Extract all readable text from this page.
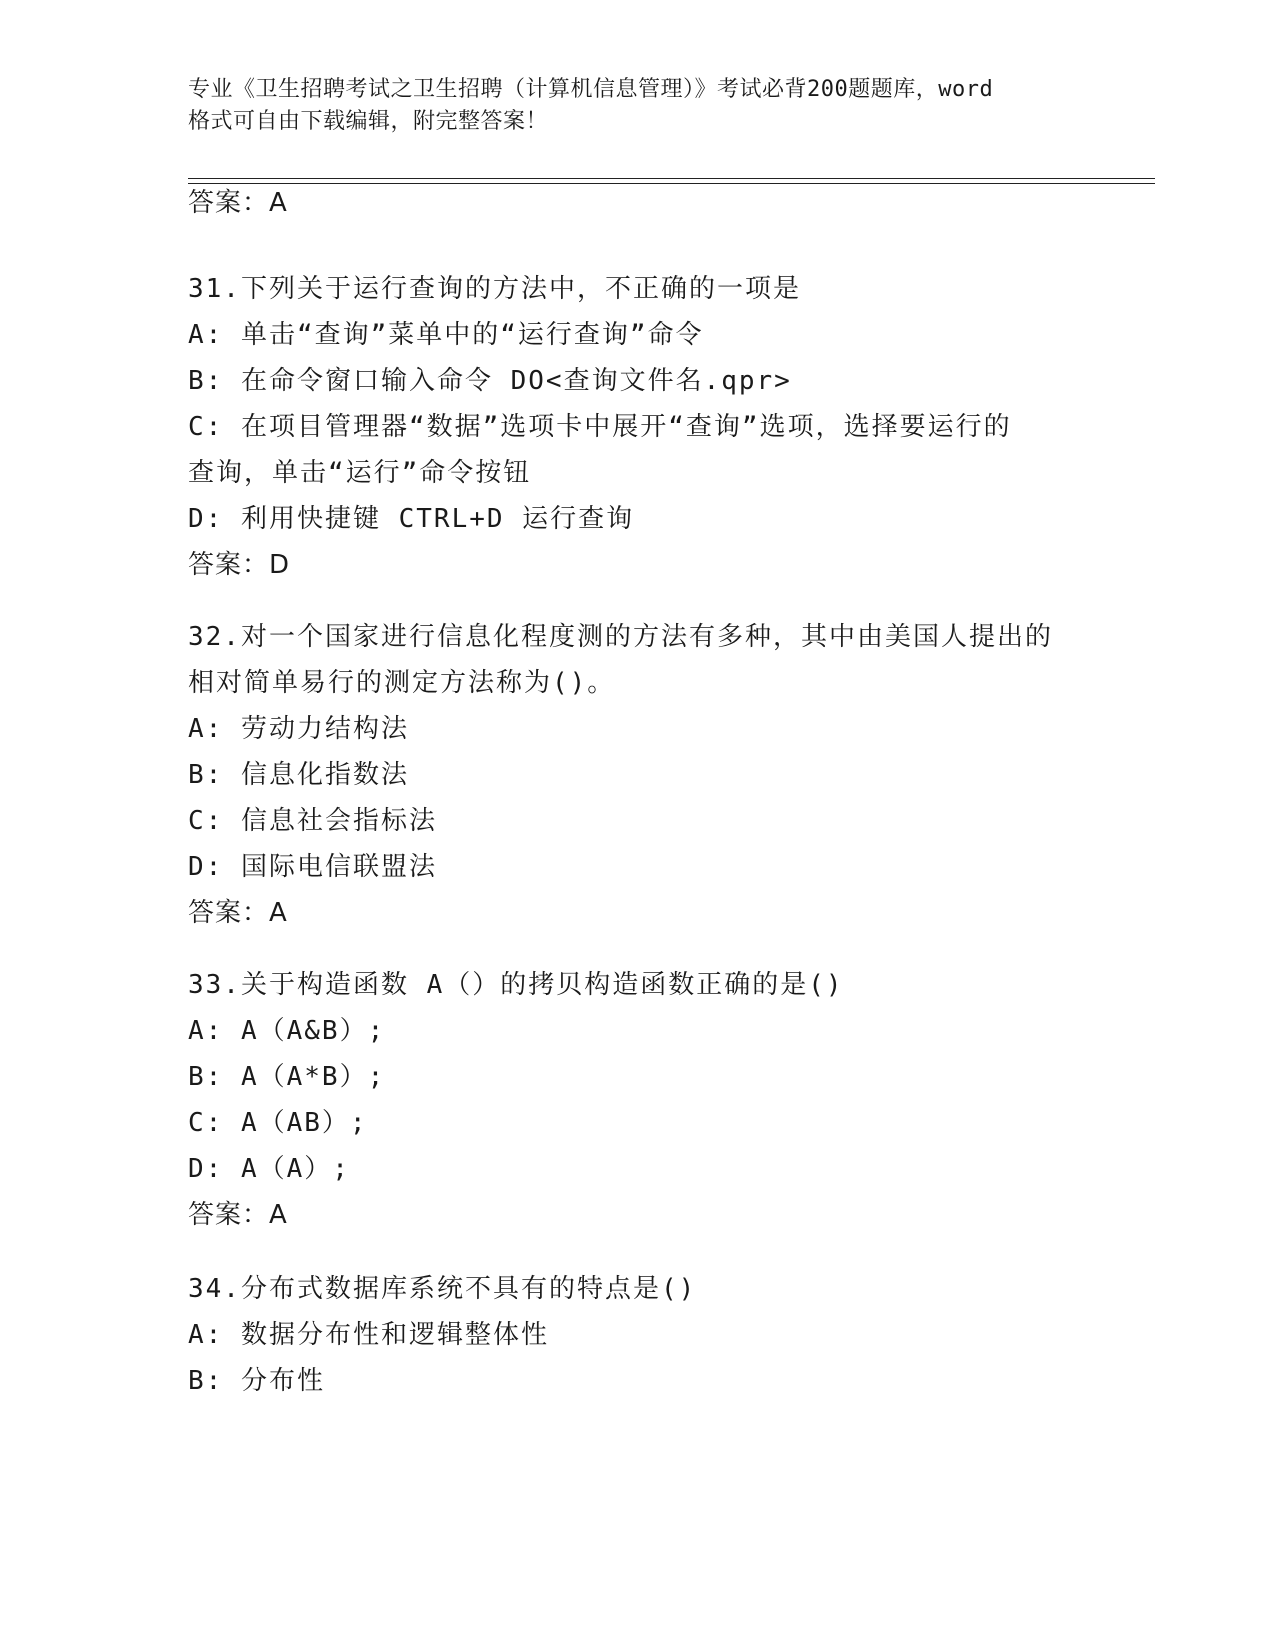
专业《卫生招聘考试之卫生招聘（计算机信息管理）》考试必背200题题库，word
格式可自由下载编辑，附完整答案！
答案：A
31.下列关于运行查询的方法中，不正确的一项是
A: 单击“查询”菜单中的“运行查询”命令
B: 在命令窗口输入命令 DO<查询文件名.qpr>
C: 在项目管理器“数据”选项卡中展开“查询”选项，选择要运行的
查询，单击“运行”命令按钮
D: 利用快捷键 CTRL+D 运行查询
答案：D
32.对一个国家进行信息化程度测的方法有多种，其中由美国人提出的
相对简单易行的测定方法称为()。
A: 劳动力结构法
B: 信息化指数法
C: 信息社会指标法
D: 国际电信联盟法
答案：A
33.关于构造函数 A（）的拷贝构造函数正确的是()
A: A（A&B）;
B: A（A*B）;
C: A（AB）;
D: A（A）;
答案：A
34.分布式数据库系统不具有的特点是()
A: 数据分布性和逻辑整体性
B: 分布性
